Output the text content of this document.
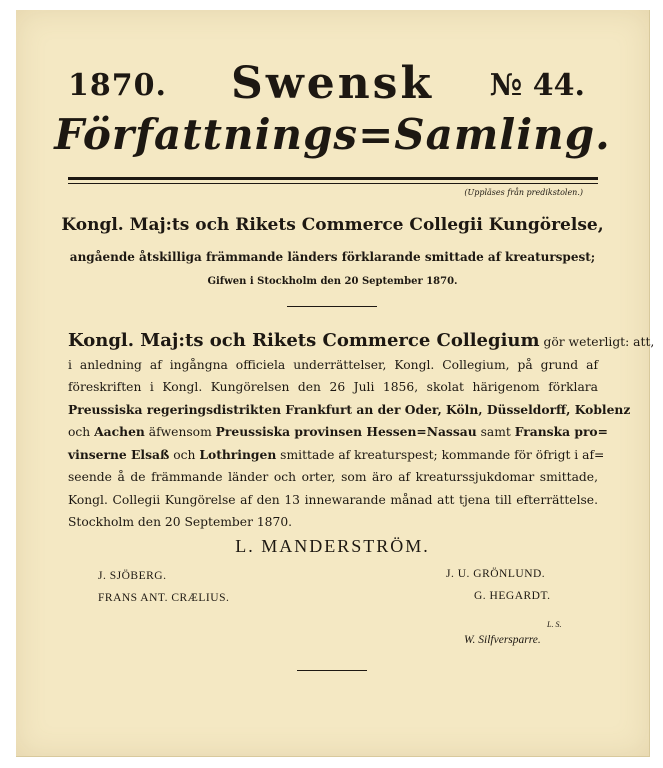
1870.	Swensk	№ 44.
Författnings=Samling.
(Uppläses från predikstolen.)
Kongl. Maj:ts och Rikets Commerce Collegii Kungörelse,
angående åtskilliga främmande länders förklarande smittade af kreaturspest;
Gifwen i Stockholm den 20 September 1870.
Kongl. Maj:ts och Rikets Commerce Collegium gör weterligt: att,
i anledning af ingångna officiela underrättelser, Kongl. Collegium, på grund af
föreskriften i Kongl. Kungörelsen den 26 Juli 1856, skolat härigenom förklara
Preussiska regeringsdistrikten Frankfurt an der Oder, Köln, Düsseldorff, Koblenz
och Aachen äfwensom Preussiska provinsen Hessen=Nassau samt Franska pro=
vinserne Elsaß och Lothringen smittade af kreaturspest; kommande för öfrigt i af=
seende å de främmande länder och orter, som äro af kreaturssjukdomar smittade,
Kongl. Collegii Kungörelse af den 13 innewarande månad att tjena till efterrättelse.
Stockholm den 20 September 1870.
L. MANDERSTRÖM.
J. SJÖBERG.
FRANS ANT. CRÆLIUS.
J. U. GRÖNLUND.
G. HEGARDT.
L. S.
W. Silfversparre.
